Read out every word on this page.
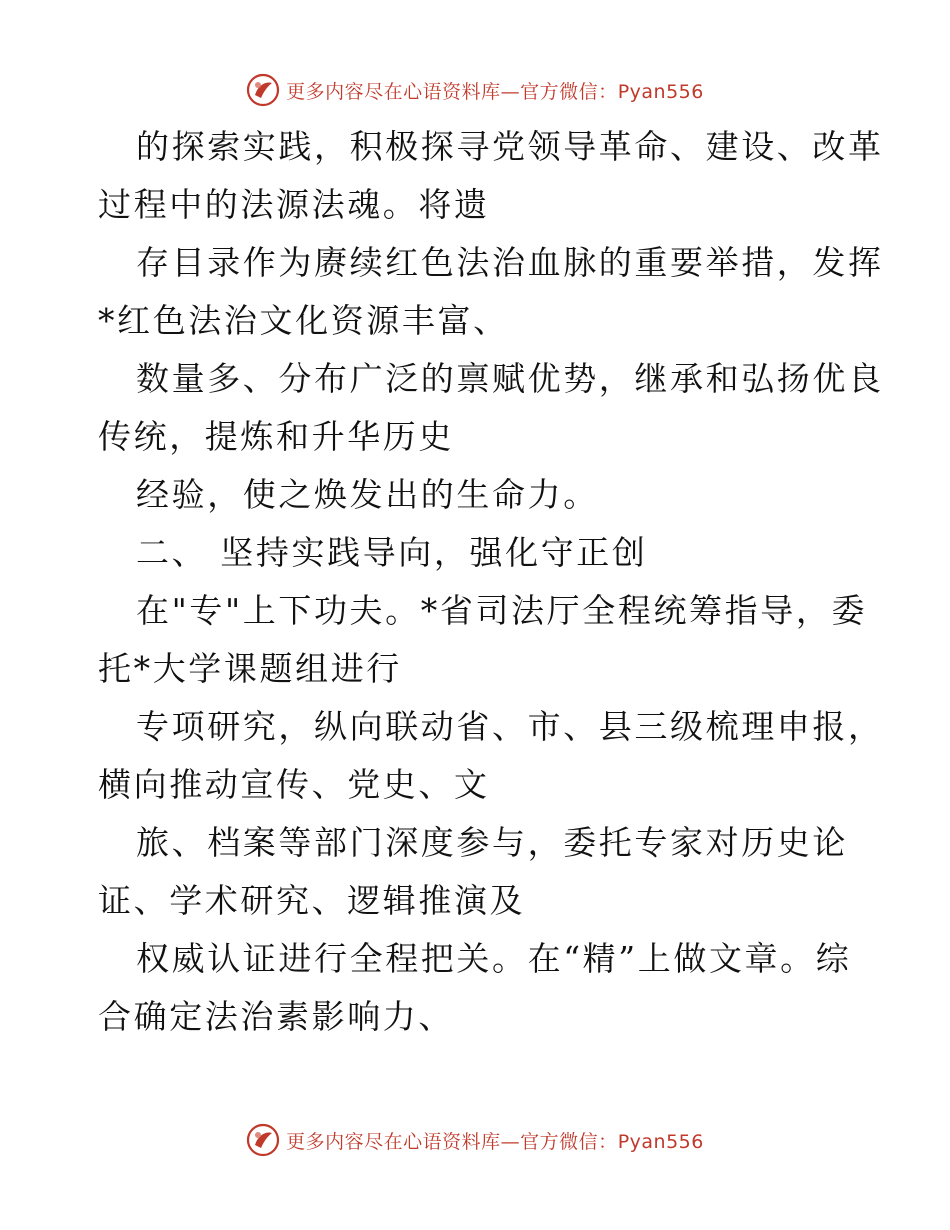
更多内容尽在心语资料库—官方微信：Pyan556
的探索实践，积极探寻党领导革命、建设、改革
过程中的法源法魂。将遗
存目录作为赓续红色法治血脉的重要举措，发挥
*红色法治文化资源丰富、
数量多、分布广泛的禀赋优势，继承和弘扬优良
传统，提炼和升华历史
经验，使之焕发出的生命力。
二、 坚持实践导向，强化守正创
在"专"上下功夫。*省司法厅全程统筹指导，委
托*大学课题组进行
专项研究，纵向联动省、市、县三级梳理申报，
横向推动宣传、党史、文
旅、档案等部门深度参与，委托专家对历史论
证、学术研究、逻辑推演及
权威认证进行全程把关。在“精”上做文章。综
合确定法治素影响力、
更多内容尽在心语资料库—官方微信：Pyan556
